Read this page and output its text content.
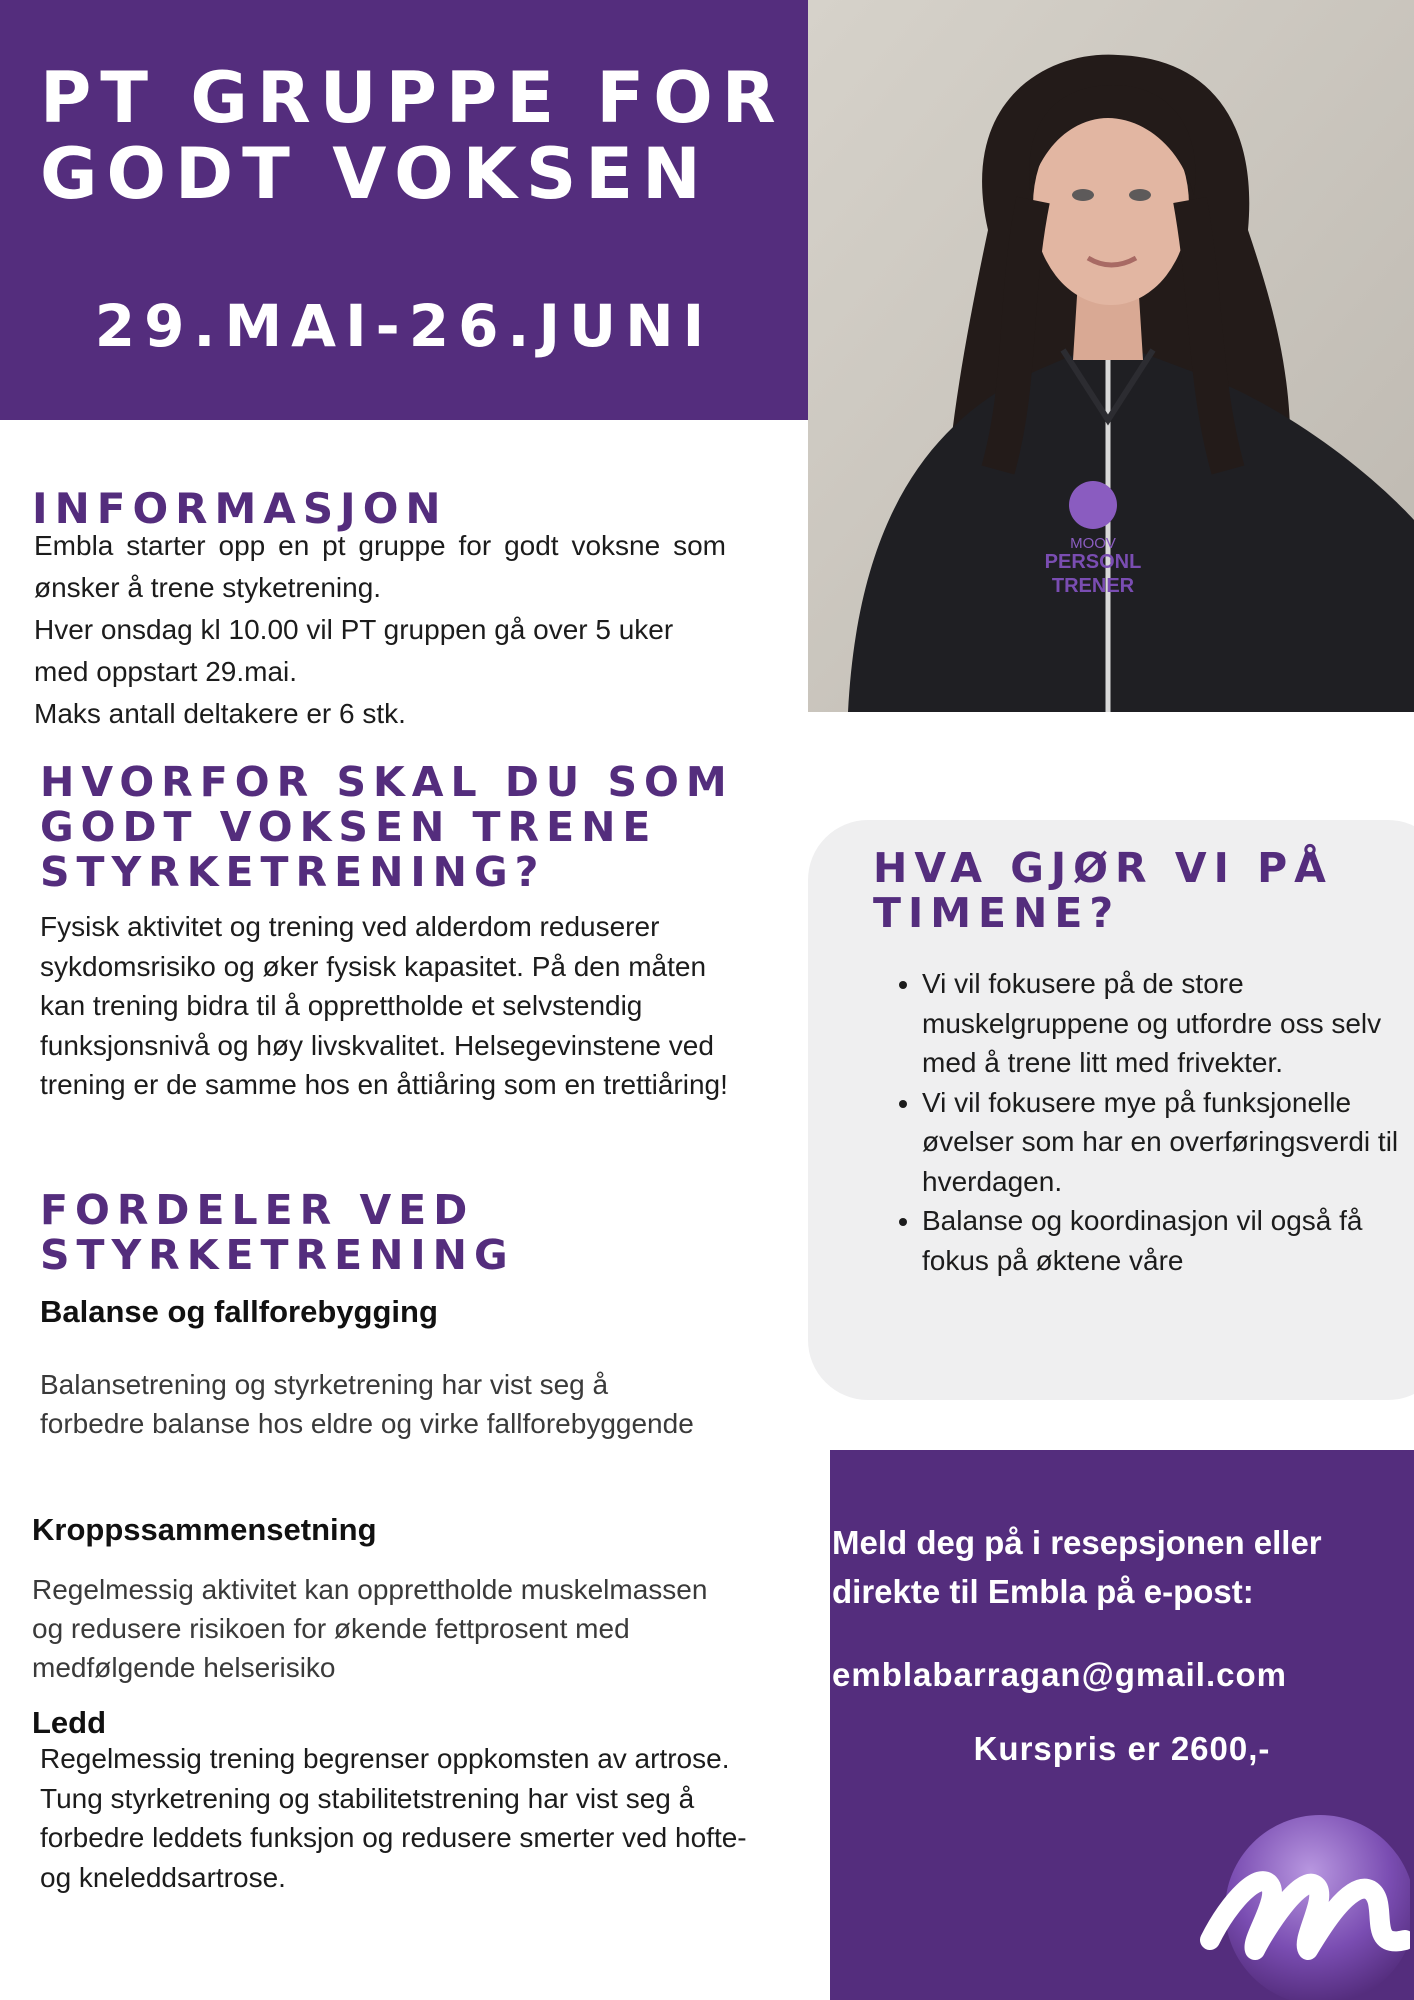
PT GRUPPE FOR
GODT VOKSEN
29.MAI-26.JUNI
MOOV
PERSONL
TRENER
INFORMASJON
Embla starter opp en pt gruppe for godt voksne som ønsker å trene styketrening.
Hver onsdag kl 10.00 vil PT gruppen gå over 5 uker med oppstart 29.mai.
Maks antall deltakere er 6 stk.
HVORFOR SKAL DU SOM GODT VOKSEN TRENE STYRKETRENING?

Fysisk aktivitet og trening ved alderdom reduserer sykdomsrisiko og øker fysisk kapasitet. På den måten kan trening bidra til å opprettholde et selvstendig funksjonsnivå og høy livskvalitet. Helsegevinstene ved trening er de samme hos en åttiåring som en trettiåring!

FORDELER VED STYRKETRENING
Balanse og fallforebygging

Balansetrening og styrketrening har vist seg å forbedre balanse hos eldre og virke fallforebyggende

Kroppssammensetning

Regelmessig aktivitet kan opprettholde muskelmassen og redusere risikoen for økende fettprosent med medfølgende helserisiko

Ledd

Regelmessig trening begrenser oppkomsten av artrose. Tung styrketrening og stabilitetstrening har vist seg å forbedre leddets funksjon og redusere smerter ved hofte- og kneleddsartrose.

HVA GJØR VI PÅ TIMENE?
• Vi vil fokusere på de store muskelgruppene og utfordre oss selv med å trene litt med frivekter.
• Vi vil fokusere mye på funksjonelle øvelser som har en overføringsverdi til hverdagen.
• Balanse og koordinasjon vil også få fokus på øktene våre

Meld deg på i resepsjonen eller direkte til Embla på e-post:

emblabarragan@gmail.com

Kurspris er 2600,-
